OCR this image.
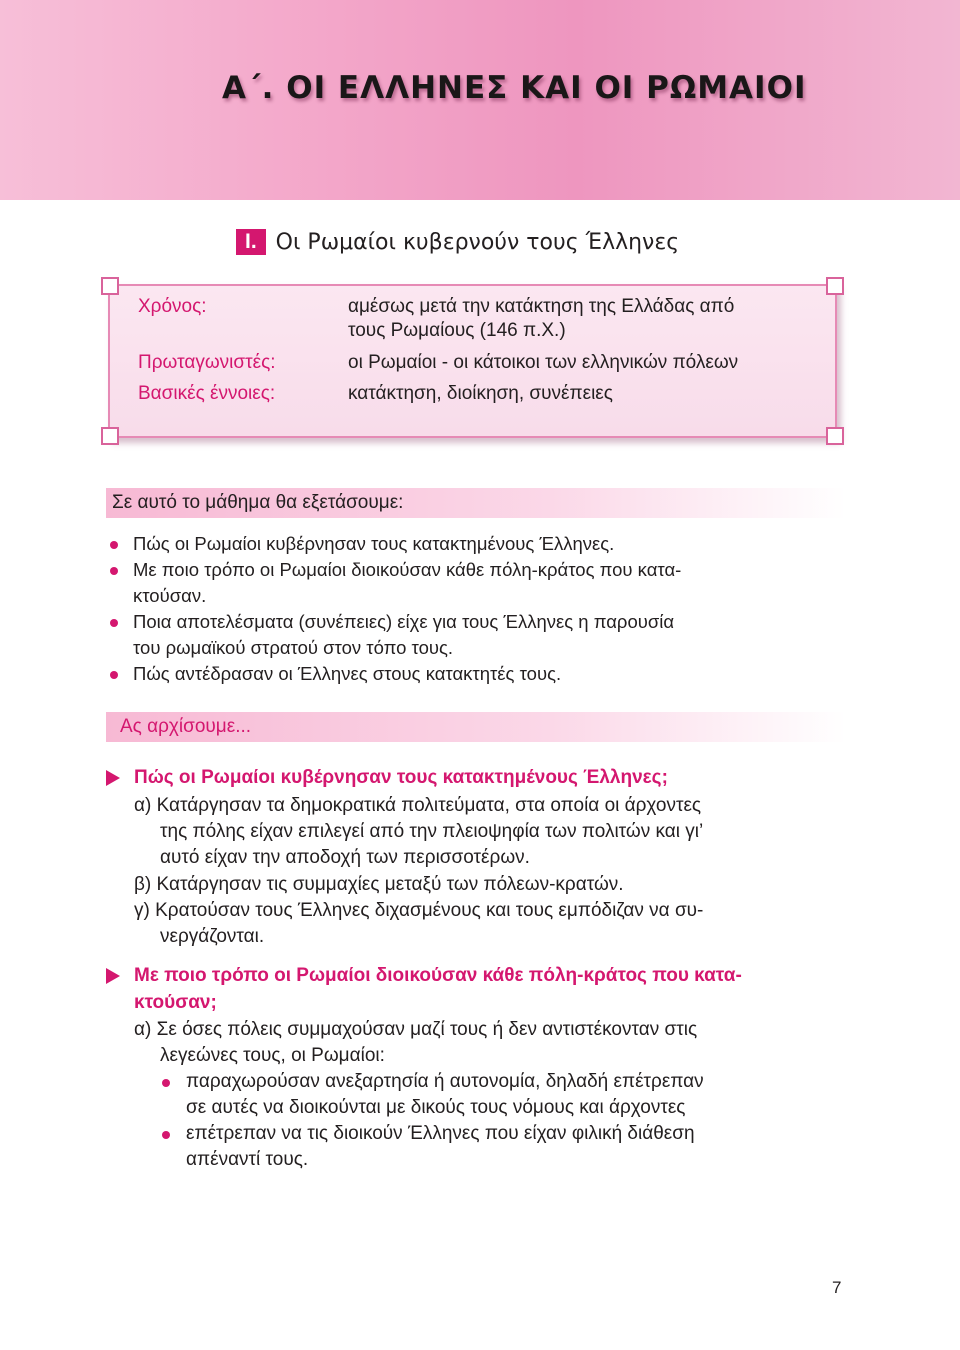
Α΄. ΟΙ ΕΛΛΗΝΕΣ ΚΑΙ ΟΙ ΡΩΜΑΙΟΙ
Ι. Οι Ρωμαίοι κυβερνούν τους Έλληνες
Χρόνος:	αμέσως μετά την κατάκτηση της Ελλάδας από
τους Ρωμαίους (146 π.Χ.)
Πρωταγωνιστές:	οι Ρωμαίοι - οι κάτοικοι των ελληνικών πόλεων
Βασικές έννοιες:	κατάκτηση, διοίκηση, συνέπειες
Σε αυτό το μάθημα θα εξετάσουμε:
Πώς οι Ρωμαίοι κυβέρνησαν τους κατακτημένους Έλληνες.
Με ποιο τρόπο οι Ρωμαίοι διοικούσαν κάθε πόλη-κράτος που κατα-
κτούσαν.
Ποια αποτελέσματα (συνέπειες) είχε για τους Έλληνες η παρουσία
του ρωμαϊκού στρατού στον τόπο τους.
Πώς αντέδρασαν οι Έλληνες στους κατακτητές τους.
Ας αρχίσουμε...
Πώς οι Ρωμαίοι κυβέρνησαν τους κατακτημένους Έλληνες;
α) Κατάργησαν τα δημοκρατικά πολιτεύματα, στα οποία οι άρχοντες
της πόλης είχαν επιλεγεί από την πλειοψηφία των πολιτών και γι’
αυτό είχαν την αποδοχή των περισσοτέρων.
β) Κατάργησαν τις συμμαχίες μεταξύ των πόλεων-κρατών.
γ) Κρατούσαν τους Έλληνες διχασμένους και τους εμπόδιζαν να συ-
νεργάζονται.
Με ποιο τρόπο οι Ρωμαίοι διοικούσαν κάθε πόλη-κράτος που κατα-
κτούσαν;
α) Σε όσες πόλεις συμμαχούσαν μαζί τους ή δεν αντιστέκονταν στις
λεγεώνες τους, οι Ρωμαίοι:
παραχωρούσαν ανεξαρτησία ή αυτονομία, δηλαδή επέτρεπαν
σε αυτές να διοικούνται με δικούς τους νόμους και άρχοντες
επέτρεπαν να τις διοικούν Έλληνες που είχαν φιλική διάθεση
απέναντί τους.
7
